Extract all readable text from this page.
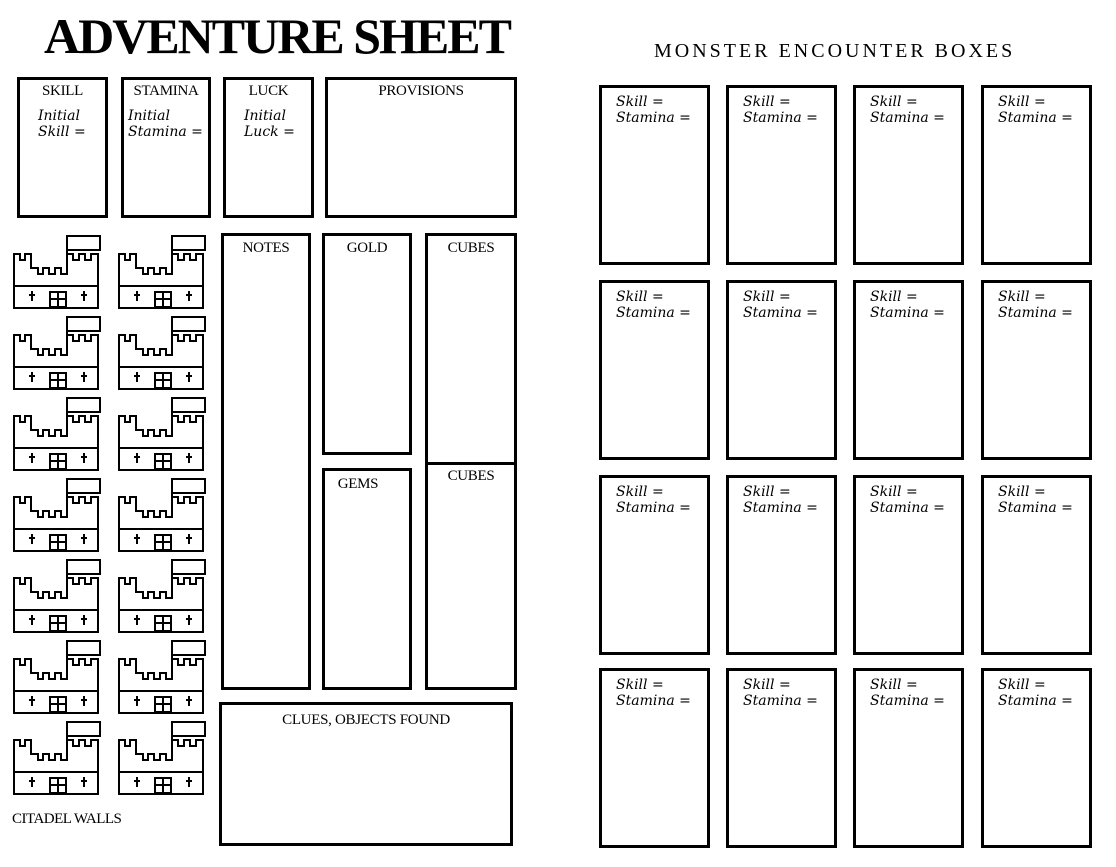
ADVENTURE SHEET
SKILL
Initial
Skill =
STAMINA
Initial
Stamina =
LUCK
Initial
Luck =
PROVISIONS
NOTES	GOLD
GEMS
CUBES
CUBES
CLUES, OBJECTS FOUND
CITADEL WALLS
MONSTER ENCOUNTER BOXES
Skill =
Stamina =
Skill =
Stamina =
Skill =
Stamina =
Skill =
Stamina =
Skill =
Stamina =
Skill =
Stamina =
Skill =
Stamina =
Skill =
Stamina =
Skill =
Stamina =
Skill =
Stamina =
Skill =
Stamina =
Skill =
Stamina =
Skill =
Stamina =
Skill =
Stamina =
Skill =
Stamina =
Skill =
Stamina =
